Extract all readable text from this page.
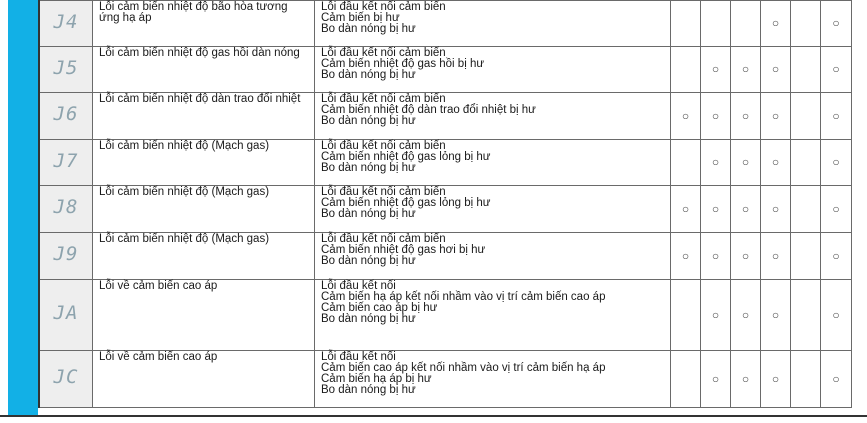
J4	Lỗi cảm biến nhiệt độ bão hòa tương ứng hạ áp	Lỗi đầu kết nối cảm biến
Cảm biến bị hư
Bo dàn nóng bị hư				○		○
J5	Lỗi cảm biến nhiệt độ gas hồi dàn nóng	Lỗi đầu kết nối cảm biến
Cảm biến nhiệt độ gas hồi bị hư
Bo dàn nóng bị hư		○	○	○		○
J6	Lỗi cảm biến nhiệt độ dàn trao đổi nhiệt	Lỗi đầu kết nối cảm biến
Cảm biến nhiệt độ dàn trao đổi nhiệt bị hư
Bo dàn nóng bị hư	○	○	○	○		○
J7	Lỗi cảm biến nhiệt độ (Mạch gas)	Lỗi đầu kết nối cảm biến
Cảm biến nhiệt độ gas lỏng bị hư
Bo dàn nóng bị hư		○	○	○		○
J8	Lỗi cảm biến nhiệt độ (Mạch gas)	Lỗi đầu kết nối cảm biến
Cảm biến nhiệt độ gas lỏng bị hư
Bo dàn nóng bị hư	○	○	○	○		○
J9	Lỗi cảm biến nhiệt độ (Mạch gas)	Lỗi đầu kết nối cảm biến
Cảm biến nhiệt độ gas hơi bị hư
Bo dàn nóng bị hư	○	○	○	○		○
JA	Lỗi về cảm biến cao áp	Lỗi đầu kết nối
Cảm biến hạ áp kết nối nhầm vào vị trí cảm biến cao áp
Cảm biến cao áp bị hư
Bo dàn nóng bị hư		○	○	○		○
JC	Lỗi về cảm biến cao áp	Lỗi đầu kết nối
Cảm biến cao áp kết nối nhầm vào vị trí cảm biến hạ áp
Cảm biến hạ áp bị hư
Bo dàn nóng bị hư		○	○	○		○
